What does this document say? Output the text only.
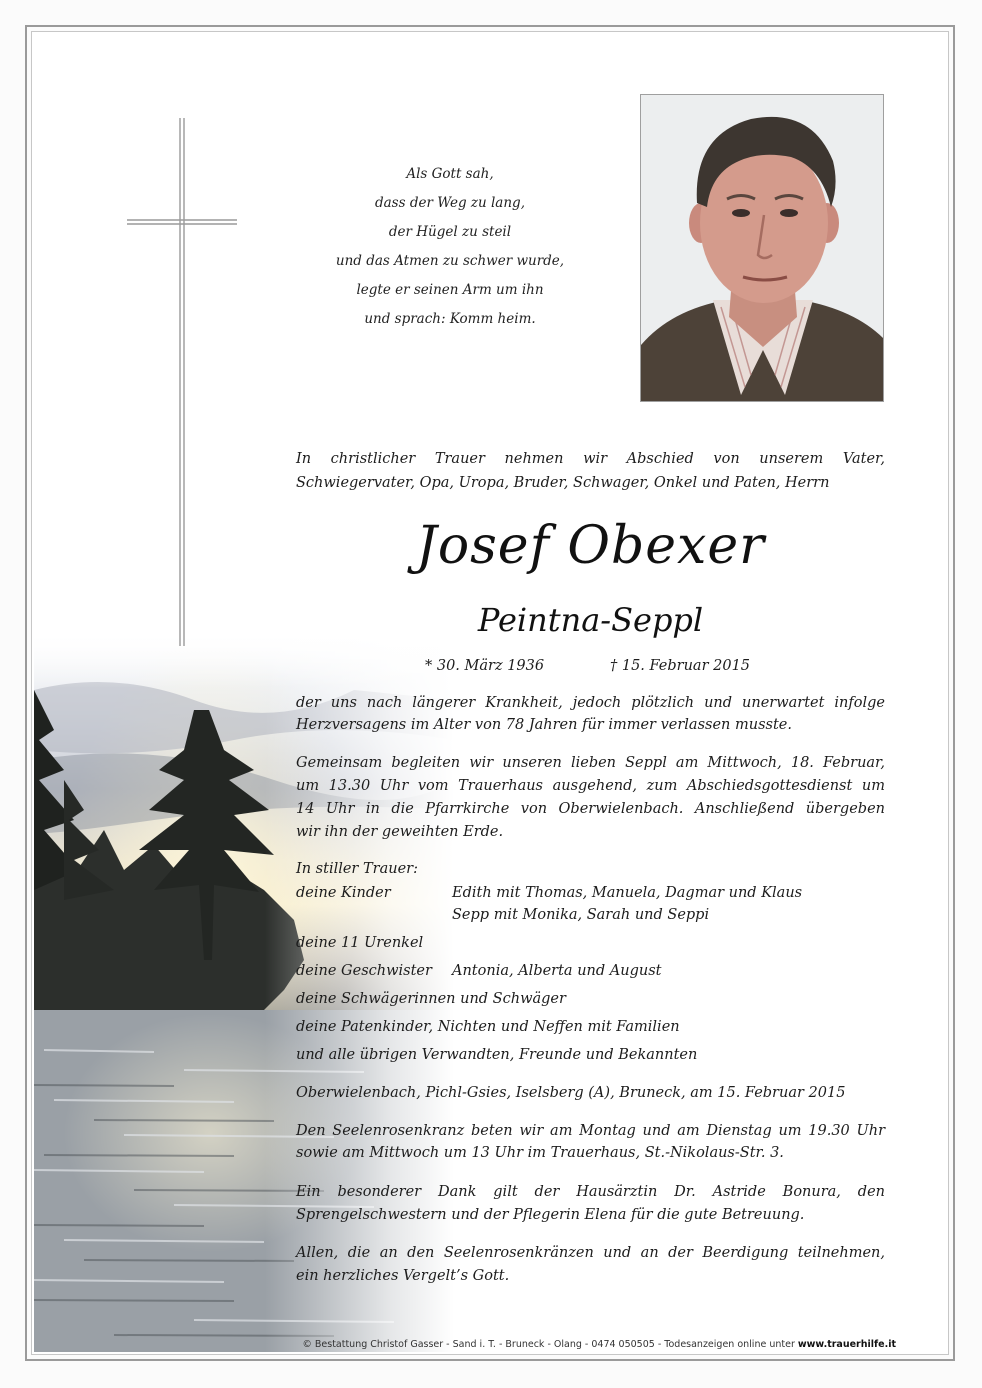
Als Gott sah,
dass der Weg zu lang,
der Hügel zu steil
und das Atmen zu schwer wurde,
legte er seinen Arm um ihn
und sprach: Komm heim.
In christlicher Trauer nehmen wir Abschied von unserem Vater,
Schwiegervater, Opa, Uropa, Bruder, Schwager, Onkel und Paten, Herrn
Josef Obexer
Peintna-Seppl
* 30. März 1936	† 15. Februar 2015
der uns nach längerer Krankheit, jedoch plötzlich und unerwartet infolge
Herzversagens im Alter von 78 Jahren für immer verlassen musste.
Gemeinsam begleiten wir unseren lieben Seppl am Mittwoch, 18. Februar,
um 13.30 Uhr vom Trauerhaus ausgehend, zum Abschiedsgottesdienst um
14 Uhr in die Pfarrkirche von Oberwielenbach. Anschließend übergeben
wir ihn der geweihten Erde.
In stiller Trauer:
deine Kinder	Edith mit Thomas, Manuela, Dagmar und Klaus
Sepp mit Monika, Sarah und Seppi
deine 11 Urenkel
deine Geschwister Antonia, Alberta und August
deine Schwägerinnen und Schwäger
deine Patenkinder, Nichten und Neffen mit Familien
und alle übrigen Verwandten, Freunde und Bekannten
Oberwielenbach, Pichl-Gsies, Iselsberg (A), Bruneck, am 15. Februar 2015
Den Seelenrosenkranz beten wir am Montag und am Dienstag um 19.30 Uhr
sowie am Mittwoch um 13 Uhr im Trauerhaus, St.-Nikolaus-Str. 3.
Ein besonderer Dank gilt der Hausärztin Dr. Astride Bonura, den
Sprengelschwestern und der Pflegerin Elena für die gute Betreuung.
Allen, die an den Seelenrosenkränzen und an der Beerdigung teilnehmen,
ein herzliches Vergelt’s Gott.
© Bestattung Christof Gasser - Sand i. T. - Bruneck - Olang - 0474 050505 - Todesanzeigen online unter www.trauerhilfe.it
